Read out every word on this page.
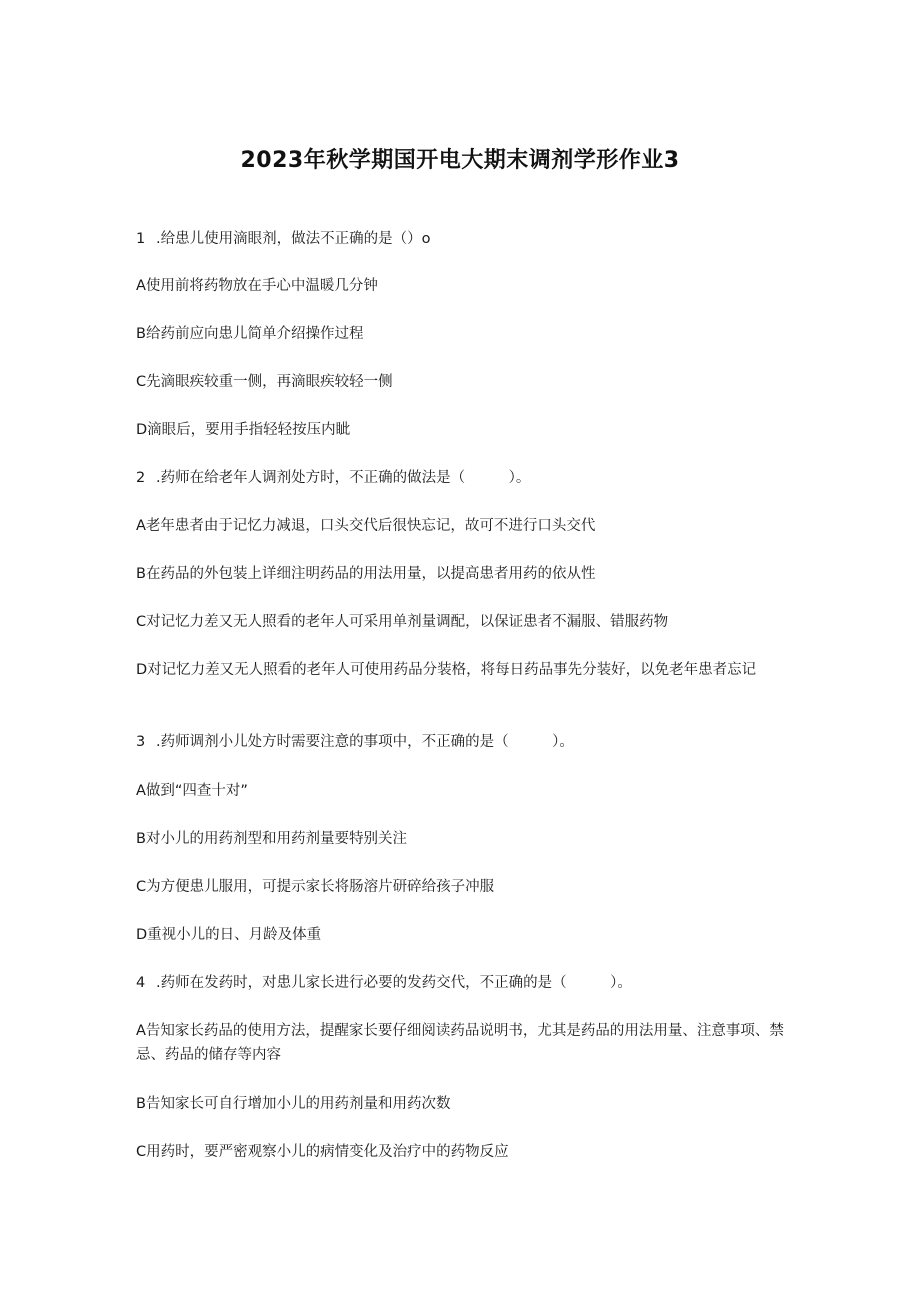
2023年秋学期国开电大期末调剂学形作业3
1 .给患儿使用滴眼剂，做法不正确的是（）o
A使用前将药物放在手心中温暖几分钟
B给药前应向患儿简单介绍操作过程
C先滴眼疾较重一侧，再滴眼疾较轻一侧
D滴眼后，要用手指轻轻按压内眦
2 .药师在给老年人调剂处方时，不正确的做法是（　　　）。
A老年患者由于记忆力减退，口头交代后很快忘记，故可不进行口头交代
B在药品的外包装上详细注明药品的用法用量，以提高患者用药的依从性
C对记忆力差又无人照看的老年人可采用单剂量调配，以保证患者不漏服、错服药物
D对记忆力差又无人照看的老年人可使用药品分装格，将每日药品事先分装好，以免老年患者忘记
3 .药师调剂小儿处方时需要注意的事项中，不正确的是（　　　）。
A做到“四查十对”
B对小儿的用药剂型和用药剂量要特别关注
C为方便患儿服用，可提示家长将肠溶片研碎给孩子冲服
D重视小儿的日、月龄及体重
4 .药师在发药时，对患儿家长进行必要的发药交代，不正确的是（　　　）。
A告知家长药品的使用方法，提醒家长要仔细阅读药品说明书，尤其是药品的用法用量、注意事项、禁忌、药品的储存等内容
B告知家长可自行增加小儿的用药剂量和用药次数
C用药时，要严密观察小儿的病情变化及治疗中的药物反应
